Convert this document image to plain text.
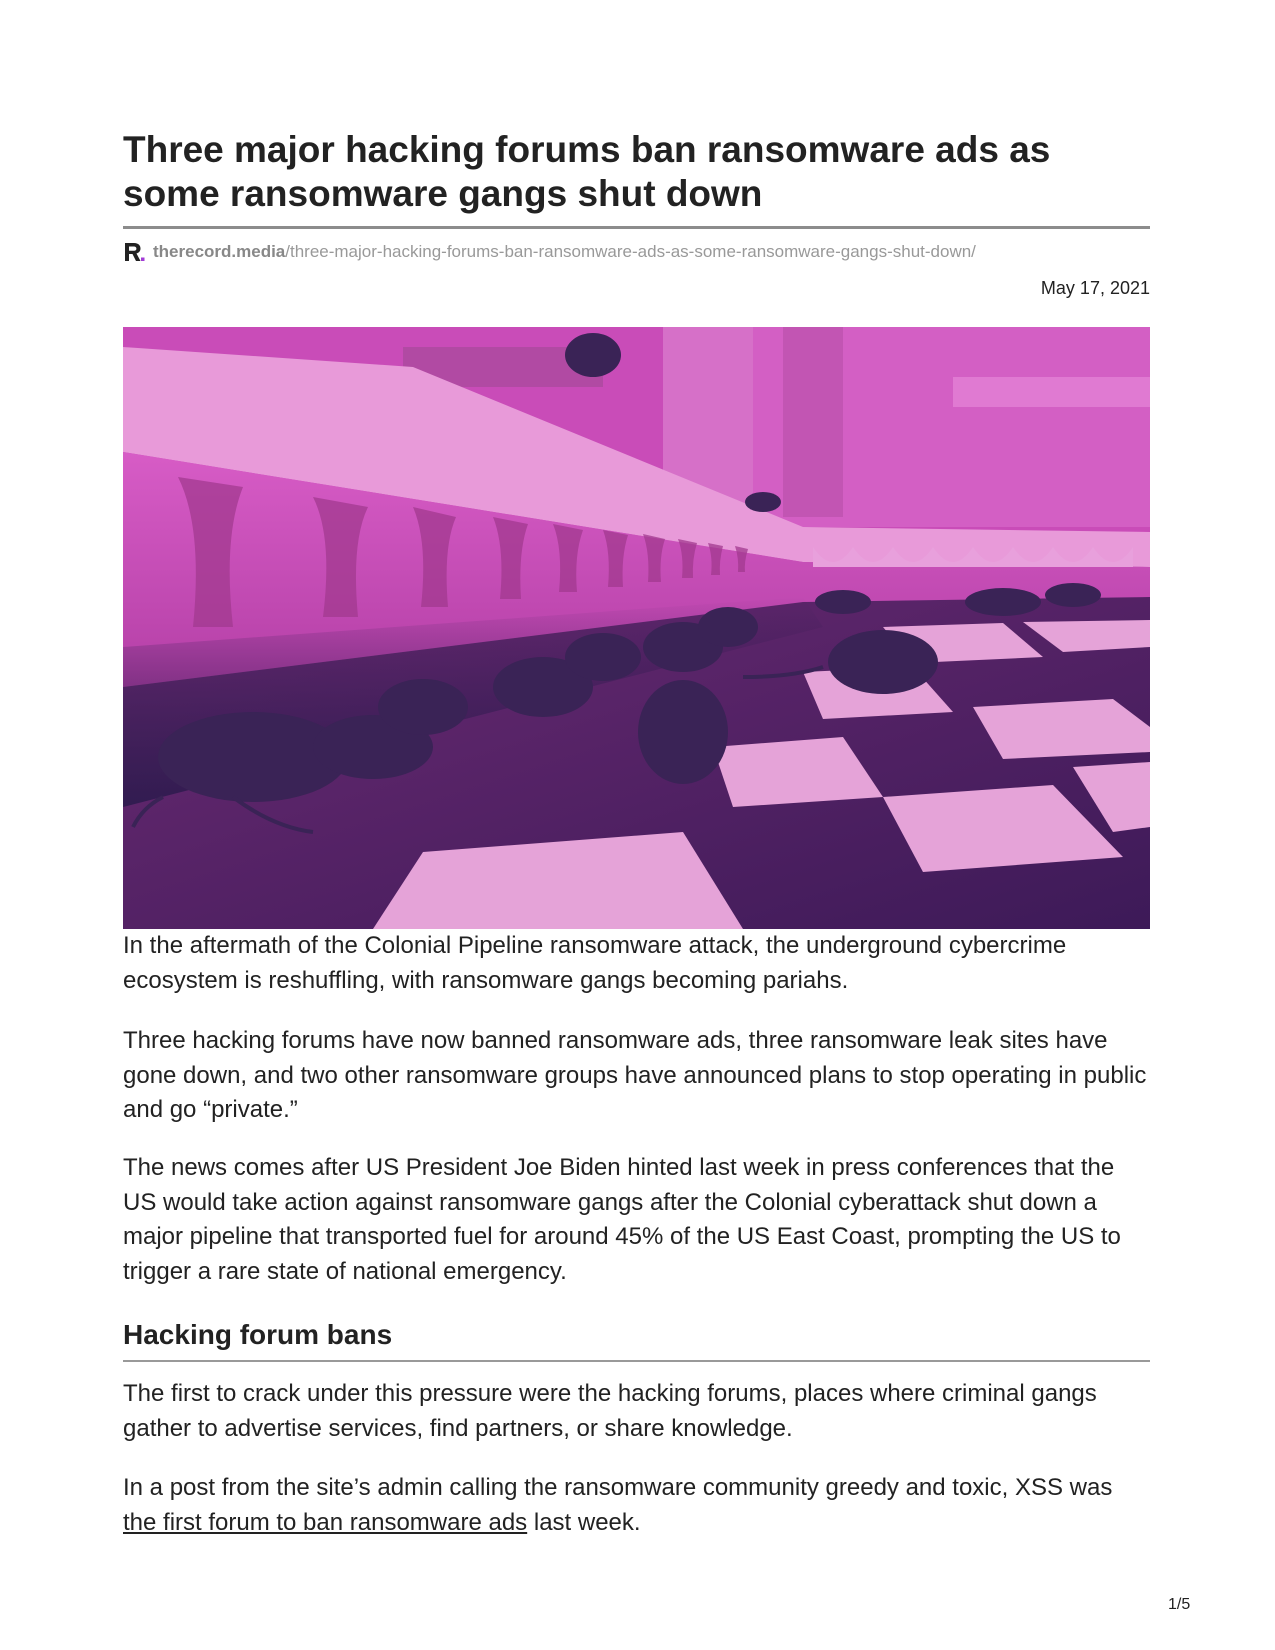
Three major hacking forums ban ransomware ads as some ransomware gangs shut down
therecord.media/three-major-hacking-forums-ban-ransomware-ads-as-some-ransomware-gangs-shut-down/
May 17, 2021

In the aftermath of the Colonial Pipeline ransomware attack, the underground cybercrime ecosystem is reshuffling, with ransomware gangs becoming pariahs.

Three hacking forums have now banned ransomware ads, three ransomware leak sites have gone down, and two other ransomware groups have announced plans to stop operating in public and go “private.”

The news comes after US President Joe Biden hinted last week in press conferences that the US would take action against ransomware gangs after the Colonial cyberattack shut down a major pipeline that transported fuel for around 45% of the US East Coast, prompting the US to trigger a rare state of national emergency.

Hacking forum bans

The first to crack under this pressure were the hacking forums, places where criminal gangs gather to advertise services, find partners, or share knowledge.

In a post from the site’s admin calling the ransomware community greedy and toxic, XSS was the first forum to ban ransomware ads last week.

1/5
